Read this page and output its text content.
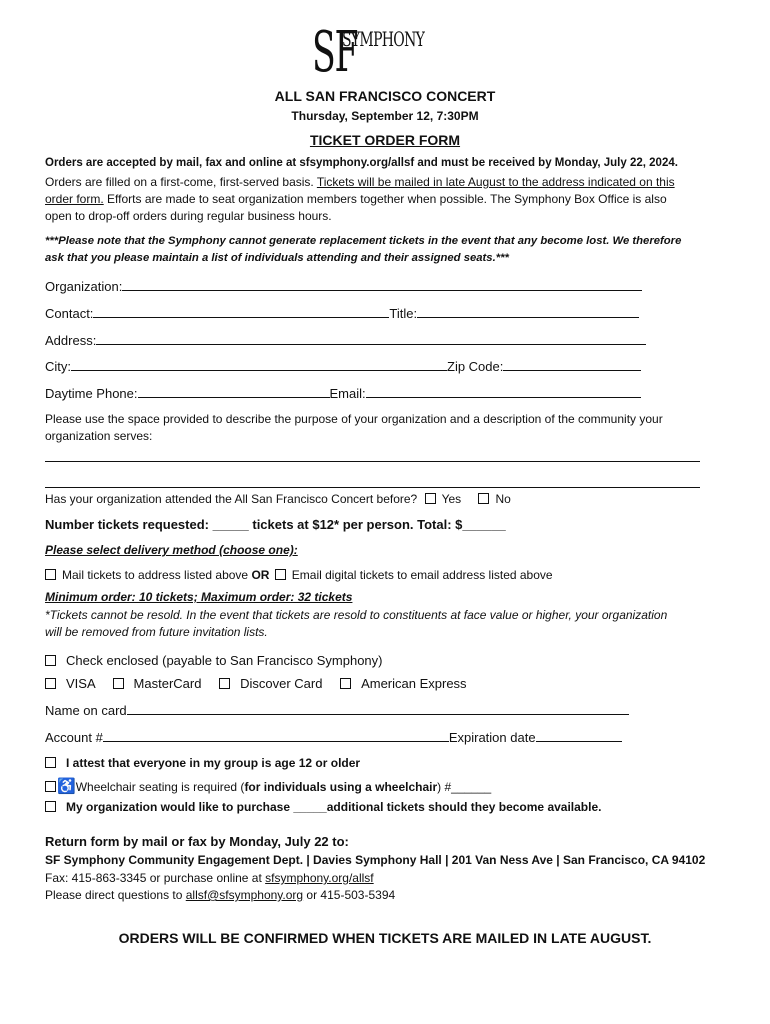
SF
SYMPHONY
ALL SAN FRANCISCO CONCERT
Thursday, September 12, 7:30PM
TICKET ORDER FORM
Orders are accepted by mail, fax and online at sfsymphony.org/allsf and must be received by Monday, July 22, 2024.
Orders are filled on a first-come, first-served basis. Tickets will be mailed in late August to the address indicated on this
order form. Efforts are made to seat organization members together when possible. The Symphony Box Office is also
open to drop-off orders during regular business hours.
***Please note that the Symphony cannot generate replacement tickets in the event that any become lost. We therefore
ask that you please maintain a list of individuals attending and their assigned seats.***
Organization:
Contact:	Title:
Address:
City:	Zip Code:
Daytime Phone:	Email:
Please use the space provided to describe the purpose of your organization and a description of the community your
organization serves:
Has your organization attended the All San Francisco Concert before? Yes	No
Number tickets requested: _____ tickets at $12* per person. Total: $______
Please select delivery method (choose one):
Mail tickets to address listed above OR Email digital tickets to email address listed above
Minimum order: 10 tickets; Maximum order: 32 tickets
*Tickets cannot be resold. In the event that tickets are resold to constituents at face value or higher, your organization
will be removed from future invitation lists.
Check enclosed (payable to San Francisco Symphony)
VISA	MasterCard	Discover Card	American Express
Name on card
Account #	Expiration date
I attest that everyone in my group is age 12 or older
♿Wheelchair seating is required (for individuals using a wheelchair) #______
My organization would like to purchase _____additional tickets should they become available.
Return form by mail or fax by Monday, July 22 to:
SF Symphony Community Engagement Dept. | Davies Symphony Hall | 201 Van Ness Ave | San Francisco, CA 94102
Fax: 415-863-3345 or purchase online at sfsymphony.org/allsf
Please direct questions to allsf@sfsymphony.org or 415-503-5394
ORDERS WILL BE CONFIRMED WHEN TICKETS ARE MAILED IN LATE AUGUST.
